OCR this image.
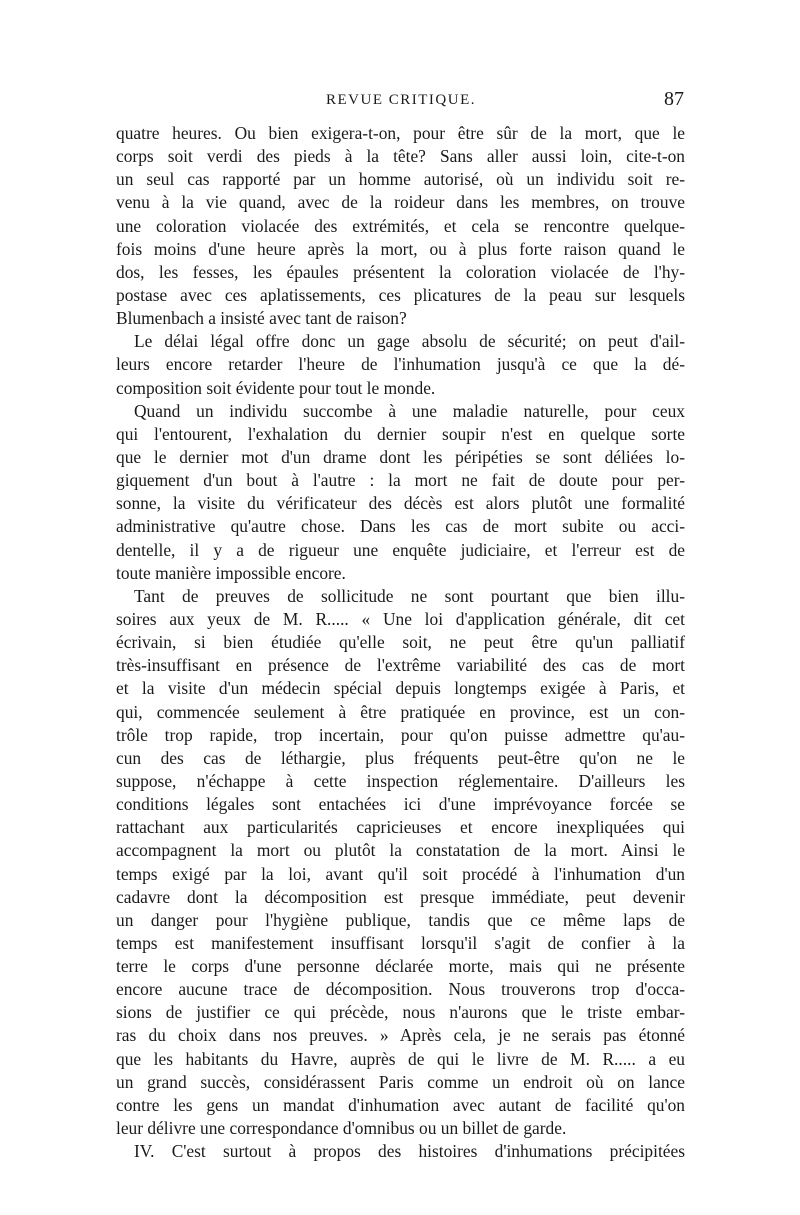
REVUE CRITIQUE.	87
quatre heures. Ou bien exigera-t-on, pour être sûr de la mort, que le
corps soit verdi des pieds à la tête? Sans aller aussi loin, cite-t-on
un seul cas rapporté par un homme autorisé, où un individu soit re-
venu à la vie quand, avec de la roideur dans les membres, on trouve
une coloration violacée des extrémités, et cela se rencontre quelque-
fois moins d'une heure après la mort, ou à plus forte raison quand le
dos, les fesses, les épaules présentent la coloration violacée de l'hy-
postase avec ces aplatissements, ces plicatures de la peau sur lesquels
Blumenbach a insisté avec tant de raison?
Le délai légal offre donc un gage absolu de sécurité; on peut d'ail-
leurs encore retarder l'heure de l'inhumation jusqu'à ce que la dé-
composition soit évidente pour tout le monde.
Quand un individu succombe à une maladie naturelle, pour ceux
qui l'entourent, l'exhalation du dernier soupir n'est en quelque sorte
que le dernier mot d'un drame dont les péripéties se sont déliées lo-
giquement d'un bout à l'autre : la mort ne fait de doute pour per-
sonne, la visite du vérificateur des décès est alors plutôt une formalité
administrative qu'autre chose. Dans les cas de mort subite ou acci-
dentelle, il y a de rigueur une enquête judiciaire, et l'erreur est de
toute manière impossible encore.
Tant de preuves de sollicitude ne sont pourtant que bien illu-
soires aux yeux de M. R..... « Une loi d'application générale, dit cet
écrivain, si bien étudiée qu'elle soit, ne peut être qu'un palliatif
très-insuffisant en présence de l'extrême variabilité des cas de mort
et la visite d'un médecin spécial depuis longtemps exigée à Paris, et
qui, commencée seulement à être pratiquée en province, est un con-
trôle trop rapide, trop incertain, pour qu'on puisse admettre qu'au-
cun des cas de léthargie, plus fréquents peut-être qu'on ne le
suppose, n'échappe à cette inspection réglementaire. D'ailleurs les
conditions légales sont entachées ici d'une imprévoyance forcée se
rattachant aux particularités capricieuses et encore inexpliquées qui
accompagnent la mort ou plutôt la constatation de la mort. Ainsi le
temps exigé par la loi, avant qu'il soit procédé à l'inhumation d'un
cadavre dont la décomposition est presque immédiate, peut devenir
un danger pour l'hygiène publique, tandis que ce même laps de
temps est manifestement insuffisant lorsqu'il s'agit de confier à la
terre le corps d'une personne déclarée morte, mais qui ne présente
encore aucune trace de décomposition. Nous trouverons trop d'occa-
sions de justifier ce qui précède, nous n'aurons que le triste embar-
ras du choix dans nos preuves. » Après cela, je ne serais pas étonné
que les habitants du Havre, auprès de qui le livre de M. R..... a eu
un grand succès, considérassent Paris comme un endroit où on lance
contre les gens un mandat d'inhumation avec autant de facilité qu'on
leur délivre une correspondance d'omnibus ou un billet de garde.
IV. C'est surtout à propos des histoires d'inhumations précipitées
